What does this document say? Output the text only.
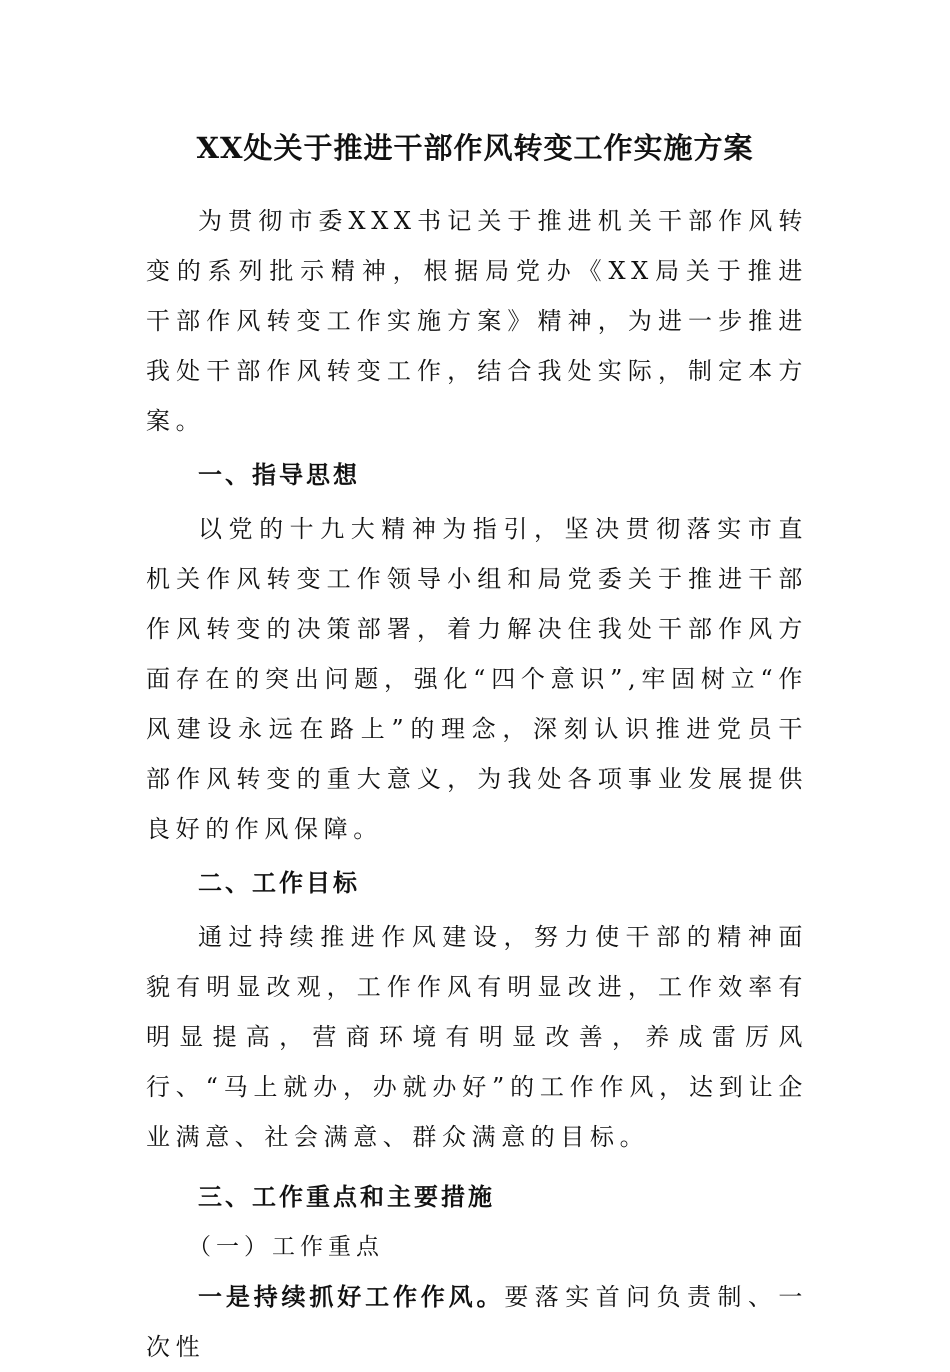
XX处关于推进干部作风转变工作实施方案

为贯彻市委XXX书记关于推进机关干部作风转变的系列批示精神，根据局党办《XX局关于推进干部作风转变工作实施方案》精神，为进一步推进我处干部作风转变工作，结合我处实际，制定本方案。

一、指导思想

以党的十九大精神为指引，坚决贯彻落实市直机关作风转变工作领导小组和局党委关于推进干部作风转变的决策部署，着力解决住我处干部作风方面存在的突出问题，强化“四个意识”,牢固树立“作风建设永远在路上”的理念，深刻认识推进党员干部作风转变的重大意义，为我处各项事业发展提供良好的作风保障。

二、工作目标

通过持续推进作风建设，努力使干部的精神面貌有明显改观，工作作风有明显改进，工作效率有明显提高，营商环境有明显改善，养成雷厉风行、“马上就办，办就办好”的工作作风，达到让企业满意、社会满意、群众满意的目标。

三、工作重点和主要措施

（一）工作重点

一是持续抓好工作作风。要落实首问负责制、一次性
